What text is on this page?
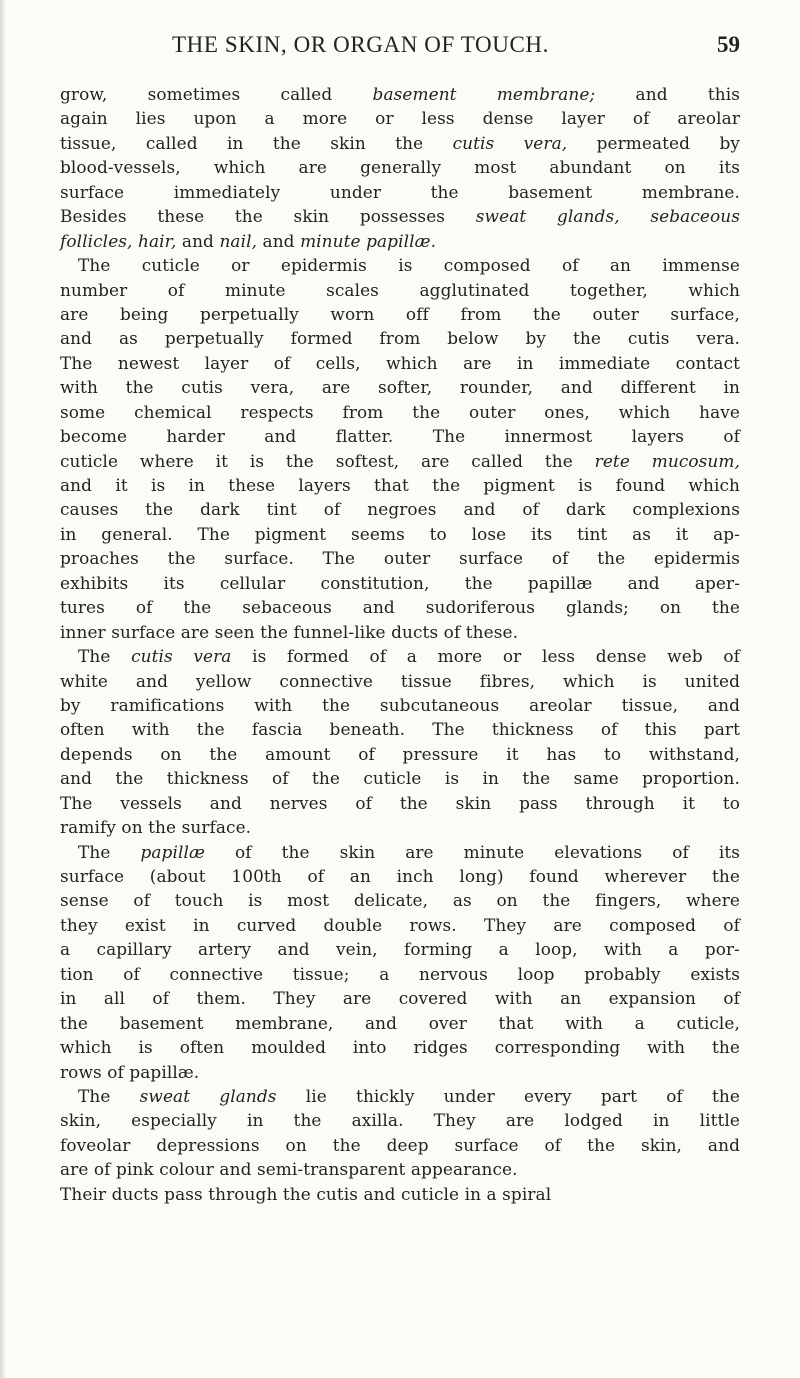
THE SKIN, OR ORGAN OF TOUCH.	59
grow, sometimes called basement membrane; and this
again lies upon a more or less dense layer of areolar
tissue, called in the skin the cutis vera, permeated by
blood-vessels, which are generally most abundant on its
surface immediately under the basement membrane.
Besides these the skin possesses sweat glands, sebaceous
follicles, hair, and nail, and minute papillæ.
The cuticle or epidermis is composed of an immense
number of minute scales agglutinated together, which
are being perpetually worn off from the outer surface,
and as perpetually formed from below by the cutis vera.
The newest layer of cells, which are in immediate contact
with the cutis vera, are softer, rounder, and different in
some chemical respects from the outer ones, which have
become harder and flatter. The innermost layers of
cuticle where it is the softest, are called the rete mucosum,
and it is in these layers that the pigment is found which
causes the dark tint of negroes and of dark complexions
in general. The pigment seems to lose its tint as it ap-
proaches the surface. The outer surface of the epidermis
exhibits its cellular constitution, the papillæ and aper-
tures of the sebaceous and sudoriferous glands; on the
inner surface are seen the funnel-like ducts of these.
The cutis vera is formed of a more or less dense web of
white and yellow connective tissue fibres, which is united
by ramifications with the subcutaneous areolar tissue, and
often with the fascia beneath. The thickness of this part
depends on the amount of pressure it has to withstand,
and the thickness of the cuticle is in the same proportion.
The vessels and nerves of the skin pass through it to
ramify on the surface.
The papillæ of the skin are minute elevations of its
surface (about 100th of an inch long) found wherever the
sense of touch is most delicate, as on the fingers, where
they exist in curved double rows. They are composed of
a capillary artery and vein, forming a loop, with a por-
tion of connective tissue; a nervous loop probably exists
in all of them. They are covered with an expansion of
the basement membrane, and over that with a cuticle,
which is often moulded into ridges corresponding with the
rows of papillæ.
The sweat glands lie thickly under every part of the
skin, especially in the axilla. They are lodged in little
foveolar depressions on the deep surface of the skin, and
are of pink colour and semi-transparent appearance.
Their ducts pass through the cutis and cuticle in a spiral
